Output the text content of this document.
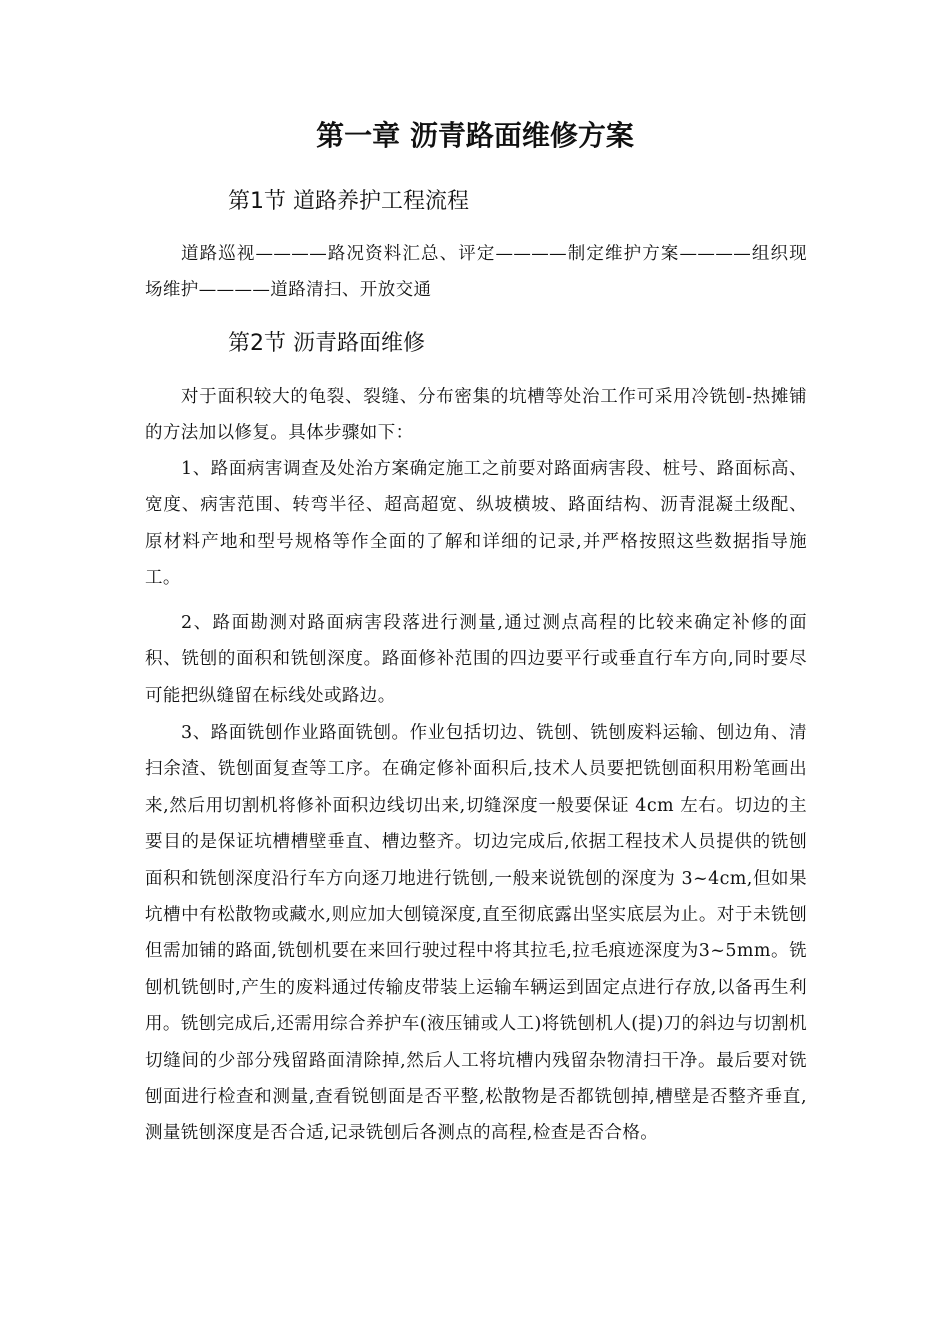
第一章 沥青路面维修方案
第1节 道路养护工程流程

道路巡视————路况资料汇总、评定————制定维护方案————组织现场维护————道路清扫、开放交通

第2节 沥青路面维修

对于面积较大的龟裂、裂缝、分布密集的坑槽等处治工作可采用冷铣刨-热摊铺的方法加以修复。具体步骤如下：

1、路面病害调查及处治方案确定施工之前要对路面病害段、桩号、路面标高、宽度、病害范围、转弯半径、超高超宽、纵坡横坡、路面结构、沥青混凝土级配、原材料产地和型号规格等作全面的了解和详细的记录,并严格按照这些数据指导施工。

2、路面勘测对路面病害段落进行测量,通过测点高程的比较来确定补修的面积、铣刨的面积和铣刨深度。路面修补范围的四边要平行或垂直行车方向,同时要尽可能把纵缝留在标线处或路边。

3、路面铣刨作业路面铣刨。作业包括切边、铣刨、铣刨废料运输、刨边角、清扫余渣、铣刨面复查等工序。在确定修补面积后,技术人员要把铣刨面积用粉笔画出来,然后用切割机将修补面积边线切出来,切缝深度一般要保证 4cm 左右。切边的主要目的是保证坑槽槽壁垂直、槽边整齐。切边完成后,依据工程技术人员提供的铣刨面积和铣刨深度沿行车方向逐刀地进行铣刨,一般来说铣刨的深度为 3~4cm,但如果坑槽中有松散物或藏水,则应加大刨镜深度,直至彻底露出坚实底层为止。对于未铣刨但需加铺的路面,铣刨机要在来回行驶过程中将其拉毛,拉毛痕迹深度为3~5mm。铣刨机铣刨时,产生的废料通过传输皮带装上运输车辆运到固定点进行存放,以备再生利用。铣刨完成后,还需用综合养护车(液压铺或人工)将铣刨机人(提)刀的斜边与切割机切缝间的少部分残留路面清除掉,然后人工将坑槽内残留杂物清扫干净。最后要对铣刨面进行检查和测量,查看锐刨面是否平整,松散物是否都铣刨掉,槽壁是否整齐垂直,测量铣刨深度是否合适,记录铣刨后各测点的高程,检查是否合格。
